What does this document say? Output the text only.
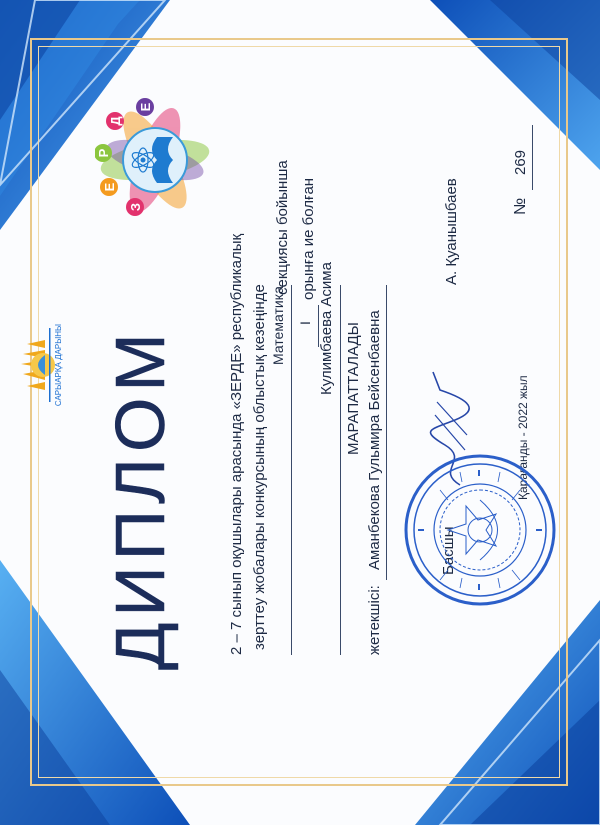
ДИПЛОМ	2 – 7 сынып оқушылары арасында «ЗЕРДЕ» республикалық зерттеу жобалары конкурсының облыстық кезеңінде Математика
секциясы бойынша
I
орынға ие болған
Кулимбаева Асима МАРАПАТТАЛАДЫ
жетекшісі:
Аманбекова Гульмира Бейсенбаевна	Басшы
А. Қуанышбаев	№
269
Қарағанды - 2022 жыл
З
Е
Р
Д
Е
САРЫАРҚА ДАРЫНЫ
